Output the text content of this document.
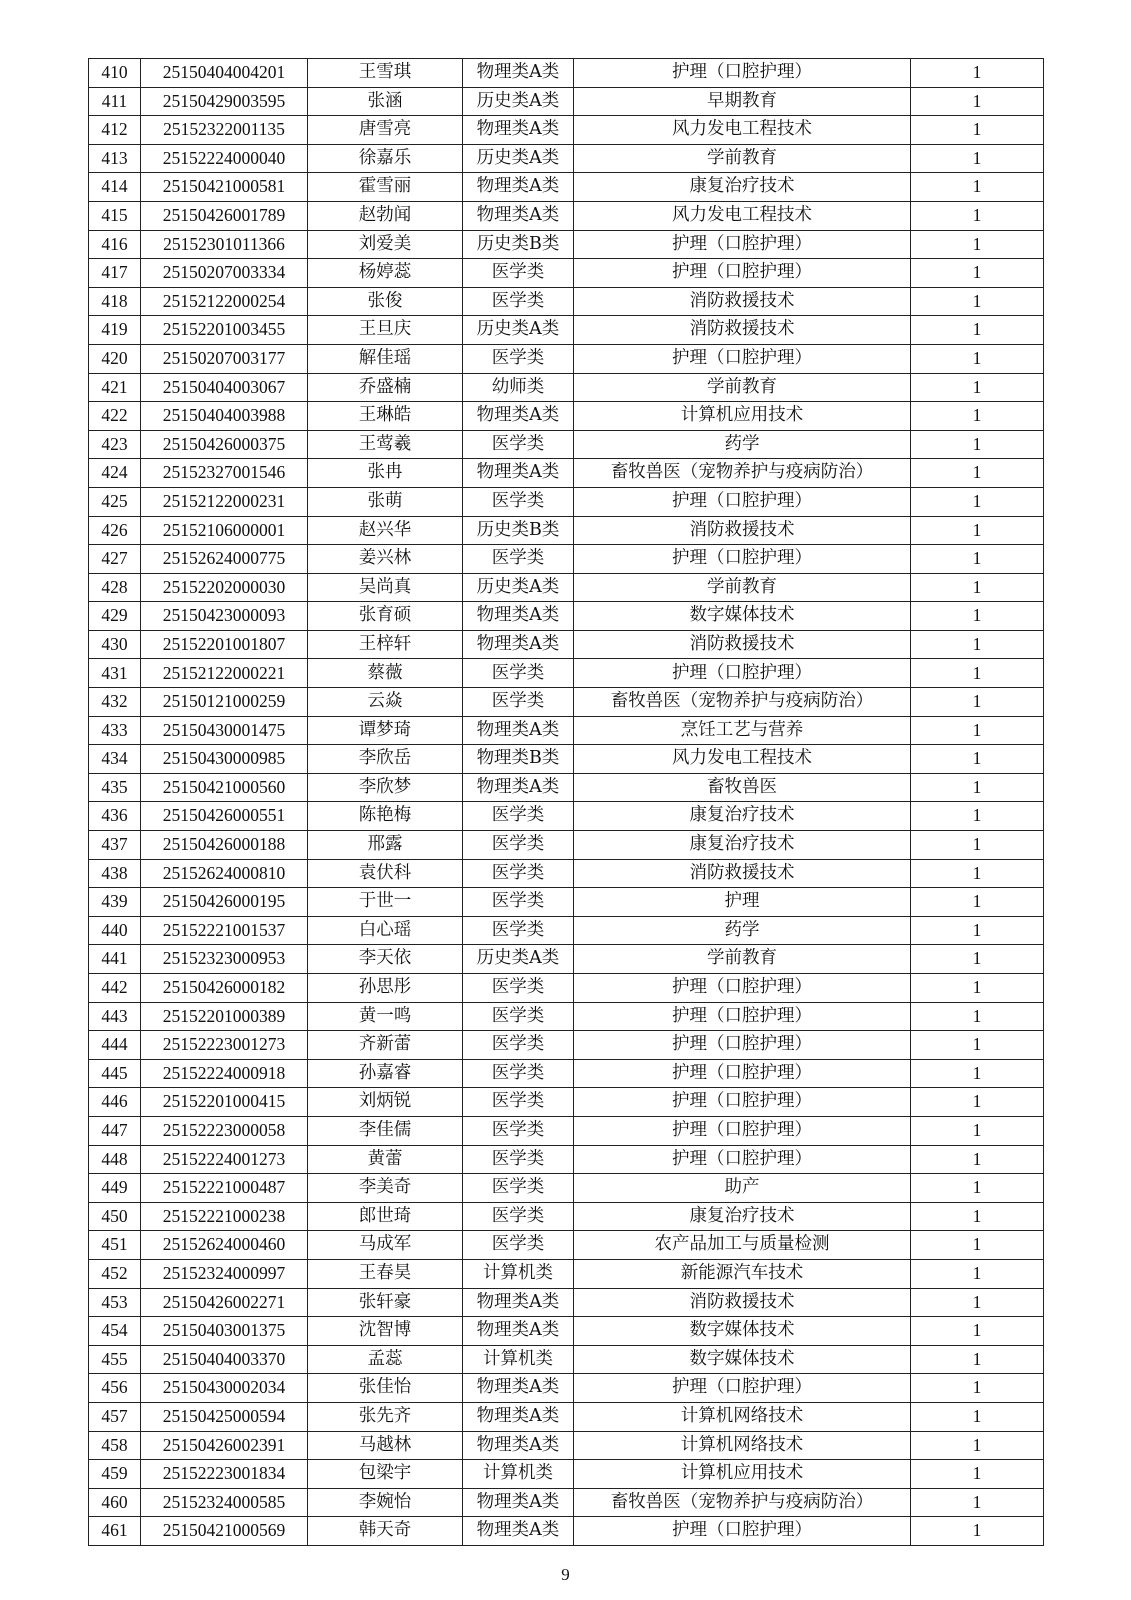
410	25150404004201	王雪琪	物理类A类	护理（口腔护理）	1
411	25150429003595	张涵	历史类A类	早期教育	1
412	25152322001135	唐雪亮	物理类A类	风力发电工程技术	1
413	25152224000040	徐嘉乐	历史类A类	学前教育	1
414	25150421000581	霍雪丽	物理类A类	康复治疗技术	1
415	25150426001789	赵勃闻	物理类A类	风力发电工程技术	1
416	25152301011366	刘爱美	历史类B类	护理（口腔护理）	1
417	25150207003334	杨婷蕊	医学类	护理（口腔护理）	1
418	25152122000254	张俊	医学类	消防救援技术	1
419	25152201003455	王旦庆	历史类A类	消防救援技术	1
420	25150207003177	解佳瑶	医学类	护理（口腔护理）	1
421	25150404003067	乔盛楠	幼师类	学前教育	1
422	25150404003988	王琳皓	物理类A类	计算机应用技术	1
423	25150426000375	王莺羲	医学类	药学	1
424	25152327001546	张冉	物理类A类	畜牧兽医（宠物养护与疫病防治）	1
425	25152122000231	张萌	医学类	护理（口腔护理）	1
426	25152106000001	赵兴华	历史类B类	消防救援技术	1
427	25152624000775	姜兴林	医学类	护理（口腔护理）	1
428	25152202000030	吴尚真	历史类A类	学前教育	1
429	25150423000093	张育硕	物理类A类	数字媒体技术	1
430	25152201001807	王梓轩	物理类A类	消防救援技术	1
431	25152122000221	蔡薇	医学类	护理（口腔护理）	1
432	25150121000259	云焱	医学类	畜牧兽医（宠物养护与疫病防治）	1
433	25150430001475	谭梦琦	物理类A类	烹饪工艺与营养	1
434	25150430000985	李欣岳	物理类B类	风力发电工程技术	1
435	25150421000560	李欣梦	物理类A类	畜牧兽医	1
436	25150426000551	陈艳梅	医学类	康复治疗技术	1
437	25150426000188	邢露	医学类	康复治疗技术	1
438	25152624000810	袁伏科	医学类	消防救援技术	1
439	25150426000195	于世一	医学类	护理	1
440	25152221001537	白心瑶	医学类	药学	1
441	25152323000953	李天依	历史类A类	学前教育	1
442	25150426000182	孙思彤	医学类	护理（口腔护理）	1
443	25152201000389	黄一鸣	医学类	护理（口腔护理）	1
444	25152223001273	齐新蕾	医学类	护理（口腔护理）	1
445	25152224000918	孙嘉睿	医学类	护理（口腔护理）	1
446	25152201000415	刘炳锐	医学类	护理（口腔护理）	1
447	25152223000058	李佳儒	医学类	护理（口腔护理）	1
448	25152224001273	黄蕾	医学类	护理（口腔护理）	1
449	25152221000487	李美奇	医学类	助产	1
450	25152221000238	郎世琦	医学类	康复治疗技术	1
451	25152624000460	马成军	医学类	农产品加工与质量检测	1
452	25152324000997	王春昊	计算机类	新能源汽车技术	1
453	25150426002271	张轩豪	物理类A类	消防救援技术	1
454	25150403001375	沈智博	物理类A类	数字媒体技术	1
455	25150404003370	孟蕊	计算机类	数字媒体技术	1
456	25150430002034	张佳怡	物理类A类	护理（口腔护理）	1
457	25150425000594	张先齐	物理类A类	计算机网络技术	1
458	25150426002391	马越林	物理类A类	计算机网络技术	1
459	25152223001834	包梁宇	计算机类	计算机应用技术	1
460	25152324000585	李婉怡	物理类A类	畜牧兽医（宠物养护与疫病防治）	1
461	25150421000569	韩天奇	物理类A类	护理（口腔护理）	1
9
